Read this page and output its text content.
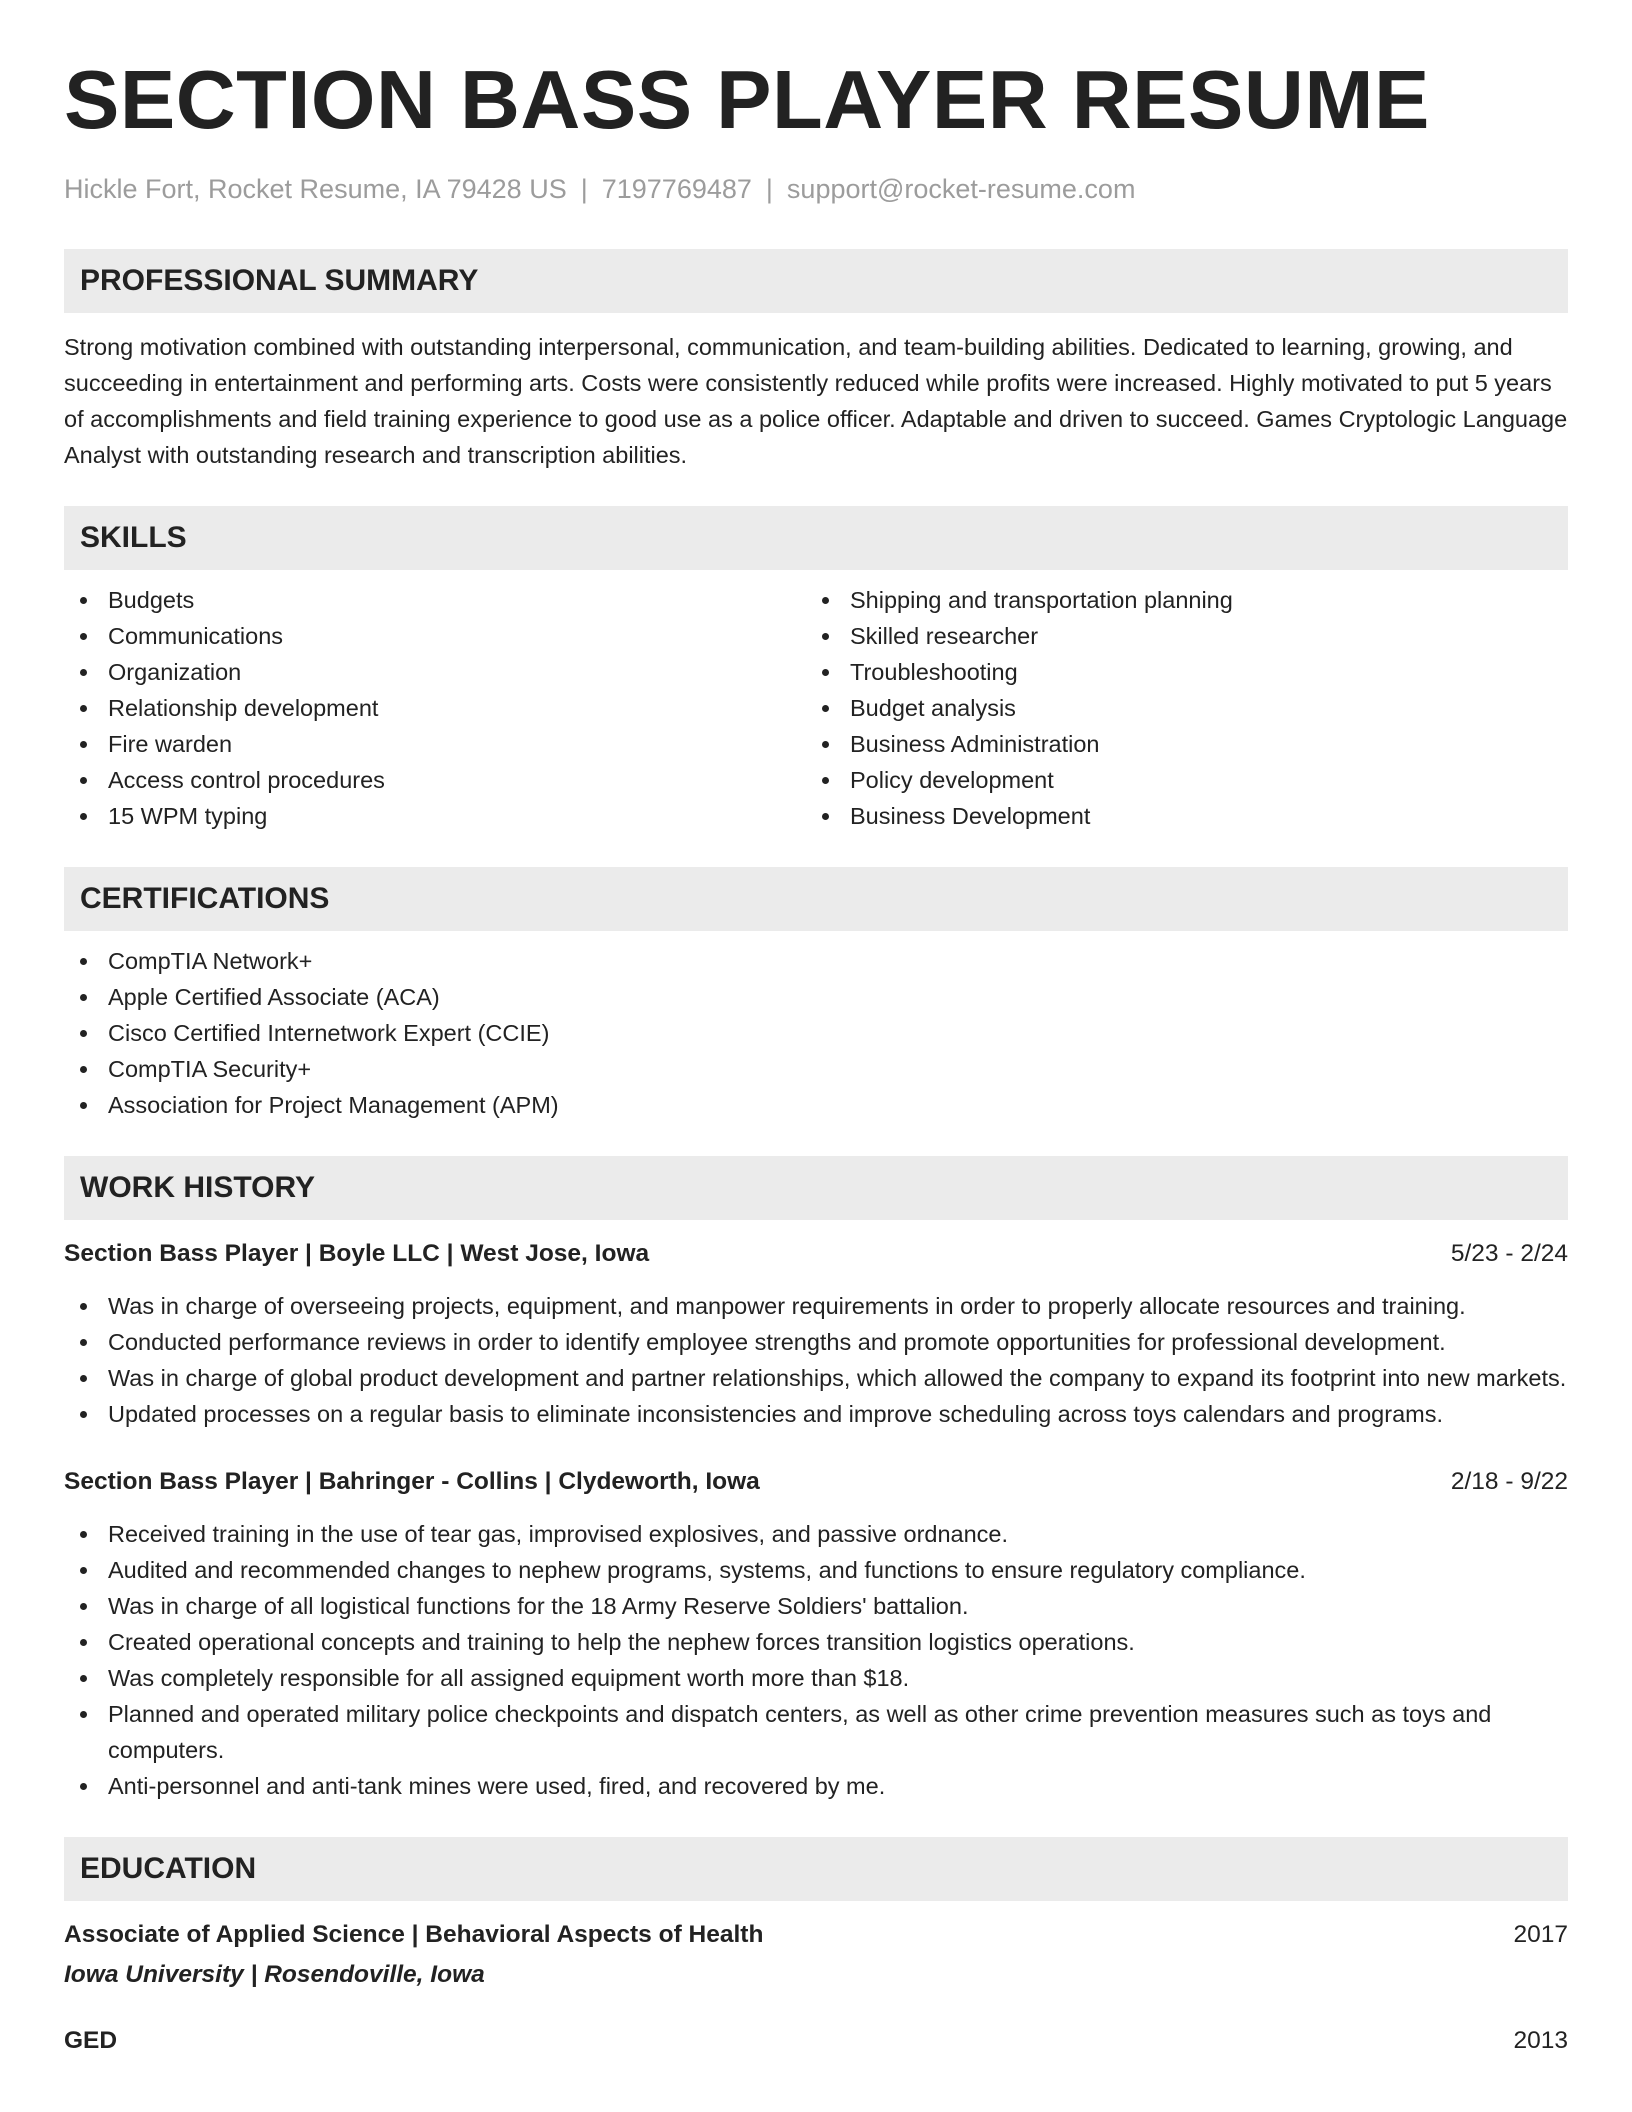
SECTION BASS PLAYER RESUME
Hickle Fort, Rocket Resume, IA 79428 US | 7197769487 | support@rocket-resume.com
PROFESSIONAL SUMMARY

Strong motivation combined with outstanding interpersonal, communication, and team-building abilities. Dedicated to learning, growing, and succeeding in entertainment and performing arts. Costs were consistently reduced while profits were increased. Highly motivated to put 5 years of accomplishments and field training experience to good use as a police officer. Adaptable and driven to succeed. Games Cryptologic Language Analyst with outstanding research and transcription abilities.

SKILLS
Budgets
Communications
Organization
Relationship development
Fire warden
Access control procedures
15 WPM typing
Shipping and transportation planning
Skilled researcher
Troubleshooting
Budget analysis
Business Administration
Policy development
Business Development
CERTIFICATIONS
CompTIA Network+
Apple Certified Associate (ACA)
Cisco Certified Internetwork Expert (CCIE)
CompTIA Security+
Association for Project Management (APM)
WORK HISTORY
Section Bass Player | Boyle LLC | West Jose, Iowa	5/23 - 2/24
Was in charge of overseeing projects, equipment, and manpower requirements in order to properly allocate resources and training.
Conducted performance reviews in order to identify employee strengths and promote opportunities for professional development.
Was in charge of global product development and partner relationships, which allowed the company to expand its footprint into new markets.
Updated processes on a regular basis to eliminate inconsistencies and improve scheduling across toys calendars and programs.
Section Bass Player | Bahringer - Collins | Clydeworth, Iowa	2/18 - 9/22
Received training in the use of tear gas, improvised explosives, and passive ordnance.
Audited and recommended changes to nephew programs, systems, and functions to ensure regulatory compliance.
Was in charge of all logistical functions for the 18 Army Reserve Soldiers' battalion.
Created operational concepts and training to help the nephew forces transition logistics operations.
Was completely responsible for all assigned equipment worth more than $18.
Planned and operated military police checkpoints and dispatch centers, as well as other crime prevention measures such as toys and computers.
Anti-personnel and anti-tank mines were used, fired, and recovered by me.
EDUCATION
Associate of Applied Science | Behavioral Aspects of Health	2017
Iowa University | Rosendoville, Iowa
GED	2013
